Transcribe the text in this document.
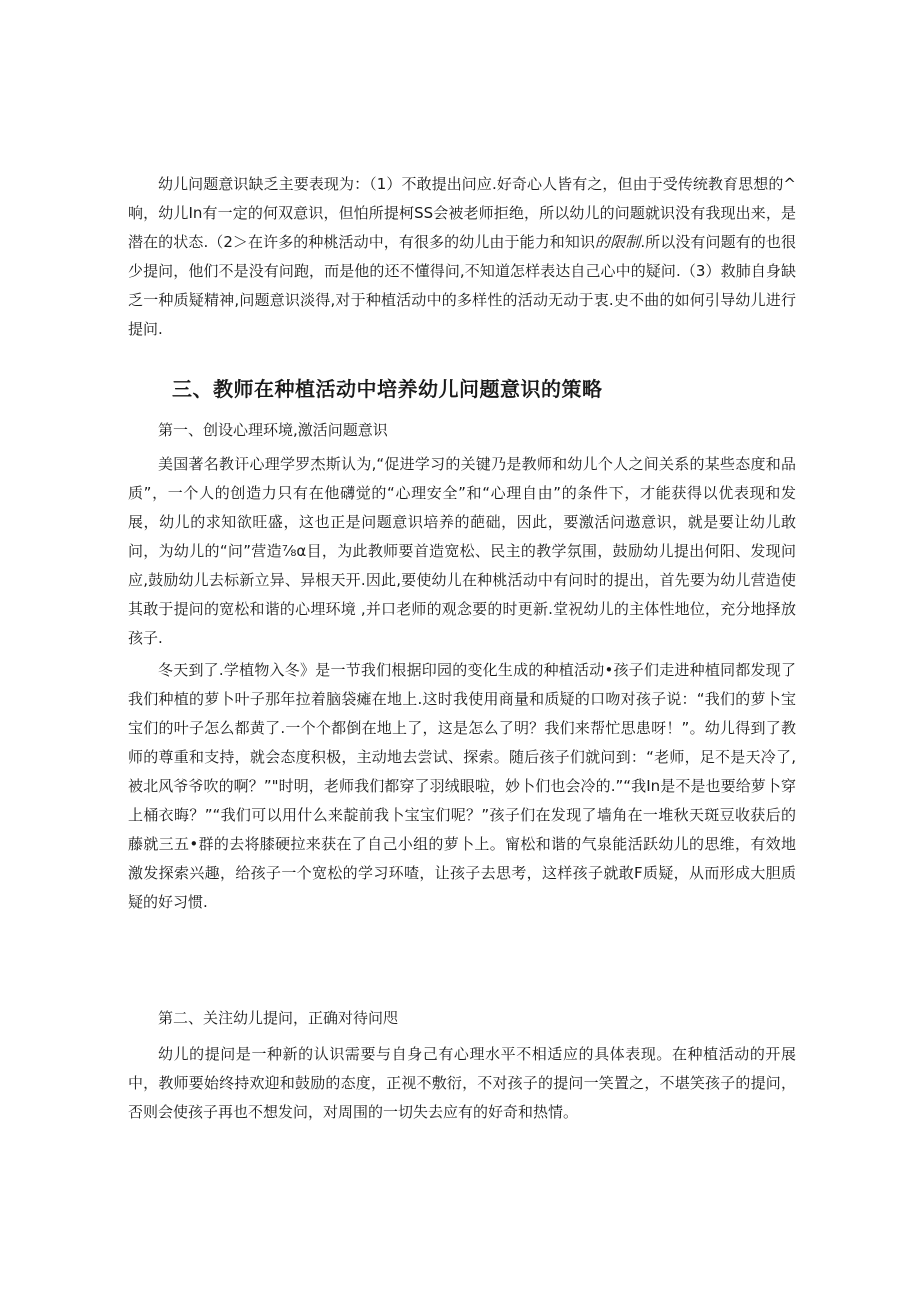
幼儿问题意识缺乏主要表现为：（1）不敢提出问应.好奇心人皆有之，但由于受传统教育思想的^响，幼儿In有一定的何双意识，但怕所提柯SS会被老师拒绝，所以幼儿的问题就识没有我现出来，是潜在的状态.（2＞在许多的种桃活动中，有很多的幼儿由于能力和知识的限制.所以没有问题有的也很少提问，他们不是没有问跑，而是他的还不懂得问,不知道怎样表达自己心中的疑问.（3）救肺自身缺乏一种质疑精神,问题意识淡得,对于种植活动中的多样性的活动无动于衷.史不曲的如何引导幼儿进行提问.

三、教师在种植活动中培养幼儿问题意识的策略

第一、创设心理环境,激活问题意识

美国著名教讦心理学罗杰斯认为,“促进学习的关键乃是教师和幼儿个人之间关系的某些态度和品质”，一个人的创造力只有在他礴觉的“心理安全”和“心理自由”的条件下，才能获得以优表现和发展，幼儿的求知欲旺盛，这也正是问题意识培养的葩础，因此，要激活问遨意识，就是要让幼儿敢问，为幼儿的“问”营造⅞α目，为此教师要首造宽松、民主的教学氛围，鼓励幼儿提出何阳、发现问应,鼓励幼儿去标新立异、异根天开.因此,要使幼儿在种桃活动中有问时的提出，首先要为幼儿营造使其敢于提问的宽松和谐的心埋环境 ,并口老师的观念要的时更新.堂祝幼儿的主体性地位，充分地择放孩子.

冬天到了.学植物入冬》是一节我们根据印园的变化生成的种植活动•孩子们走进种植同都发现了我们种植的萝卜叶子那年拉着脑袋瘫在地上.这时我使用商量和质疑的口吻对孩子说：“我们的萝卜宝宝们的叶子怎么都黄了.一个个都倒在地上了，这是怎么了明？我们来帮忙思患呀！”。幼儿得到了教师的尊重和支持，就会态度积极，主动地去尝试、探索。随后孩子们就问到：“老师，足不是天冷了,被北风爷爷吹的啊？”"时明，老师我们都穿了羽绒眼啦，妙卜们也会冷的.”“我In是不是也要给萝卜穿上桶衣晦？”“我们可以用什么来靛前我卜宝宝们呢？”孩子们在发现了墙角在一堆秋天斑豆收获后的藤就三五•群的去将膝硬拉来获在了自己小组的萝卜上。甯松和谐的气泉能活跃幼儿的思维，有效地激发探索兴趣，给孩子一个宽松的学习环喳，让孩子去思考，这样孩子就敢F质疑，从而形成大胆质疑的好习惯.

第二、关注幼儿提问，正确对待问咫

幼儿的提问是一种新的认识需要与自身己有心理水平不相适应的具体表现。在种植活动的开展中，教师要始终持欢迎和鼓励的态度，正视不敷衍，不对孩子的提问一笑置之，不堪笑孩子的提问，否则会使孩子再也不想发问，对周围的一切失去应有的好奇和热情。
